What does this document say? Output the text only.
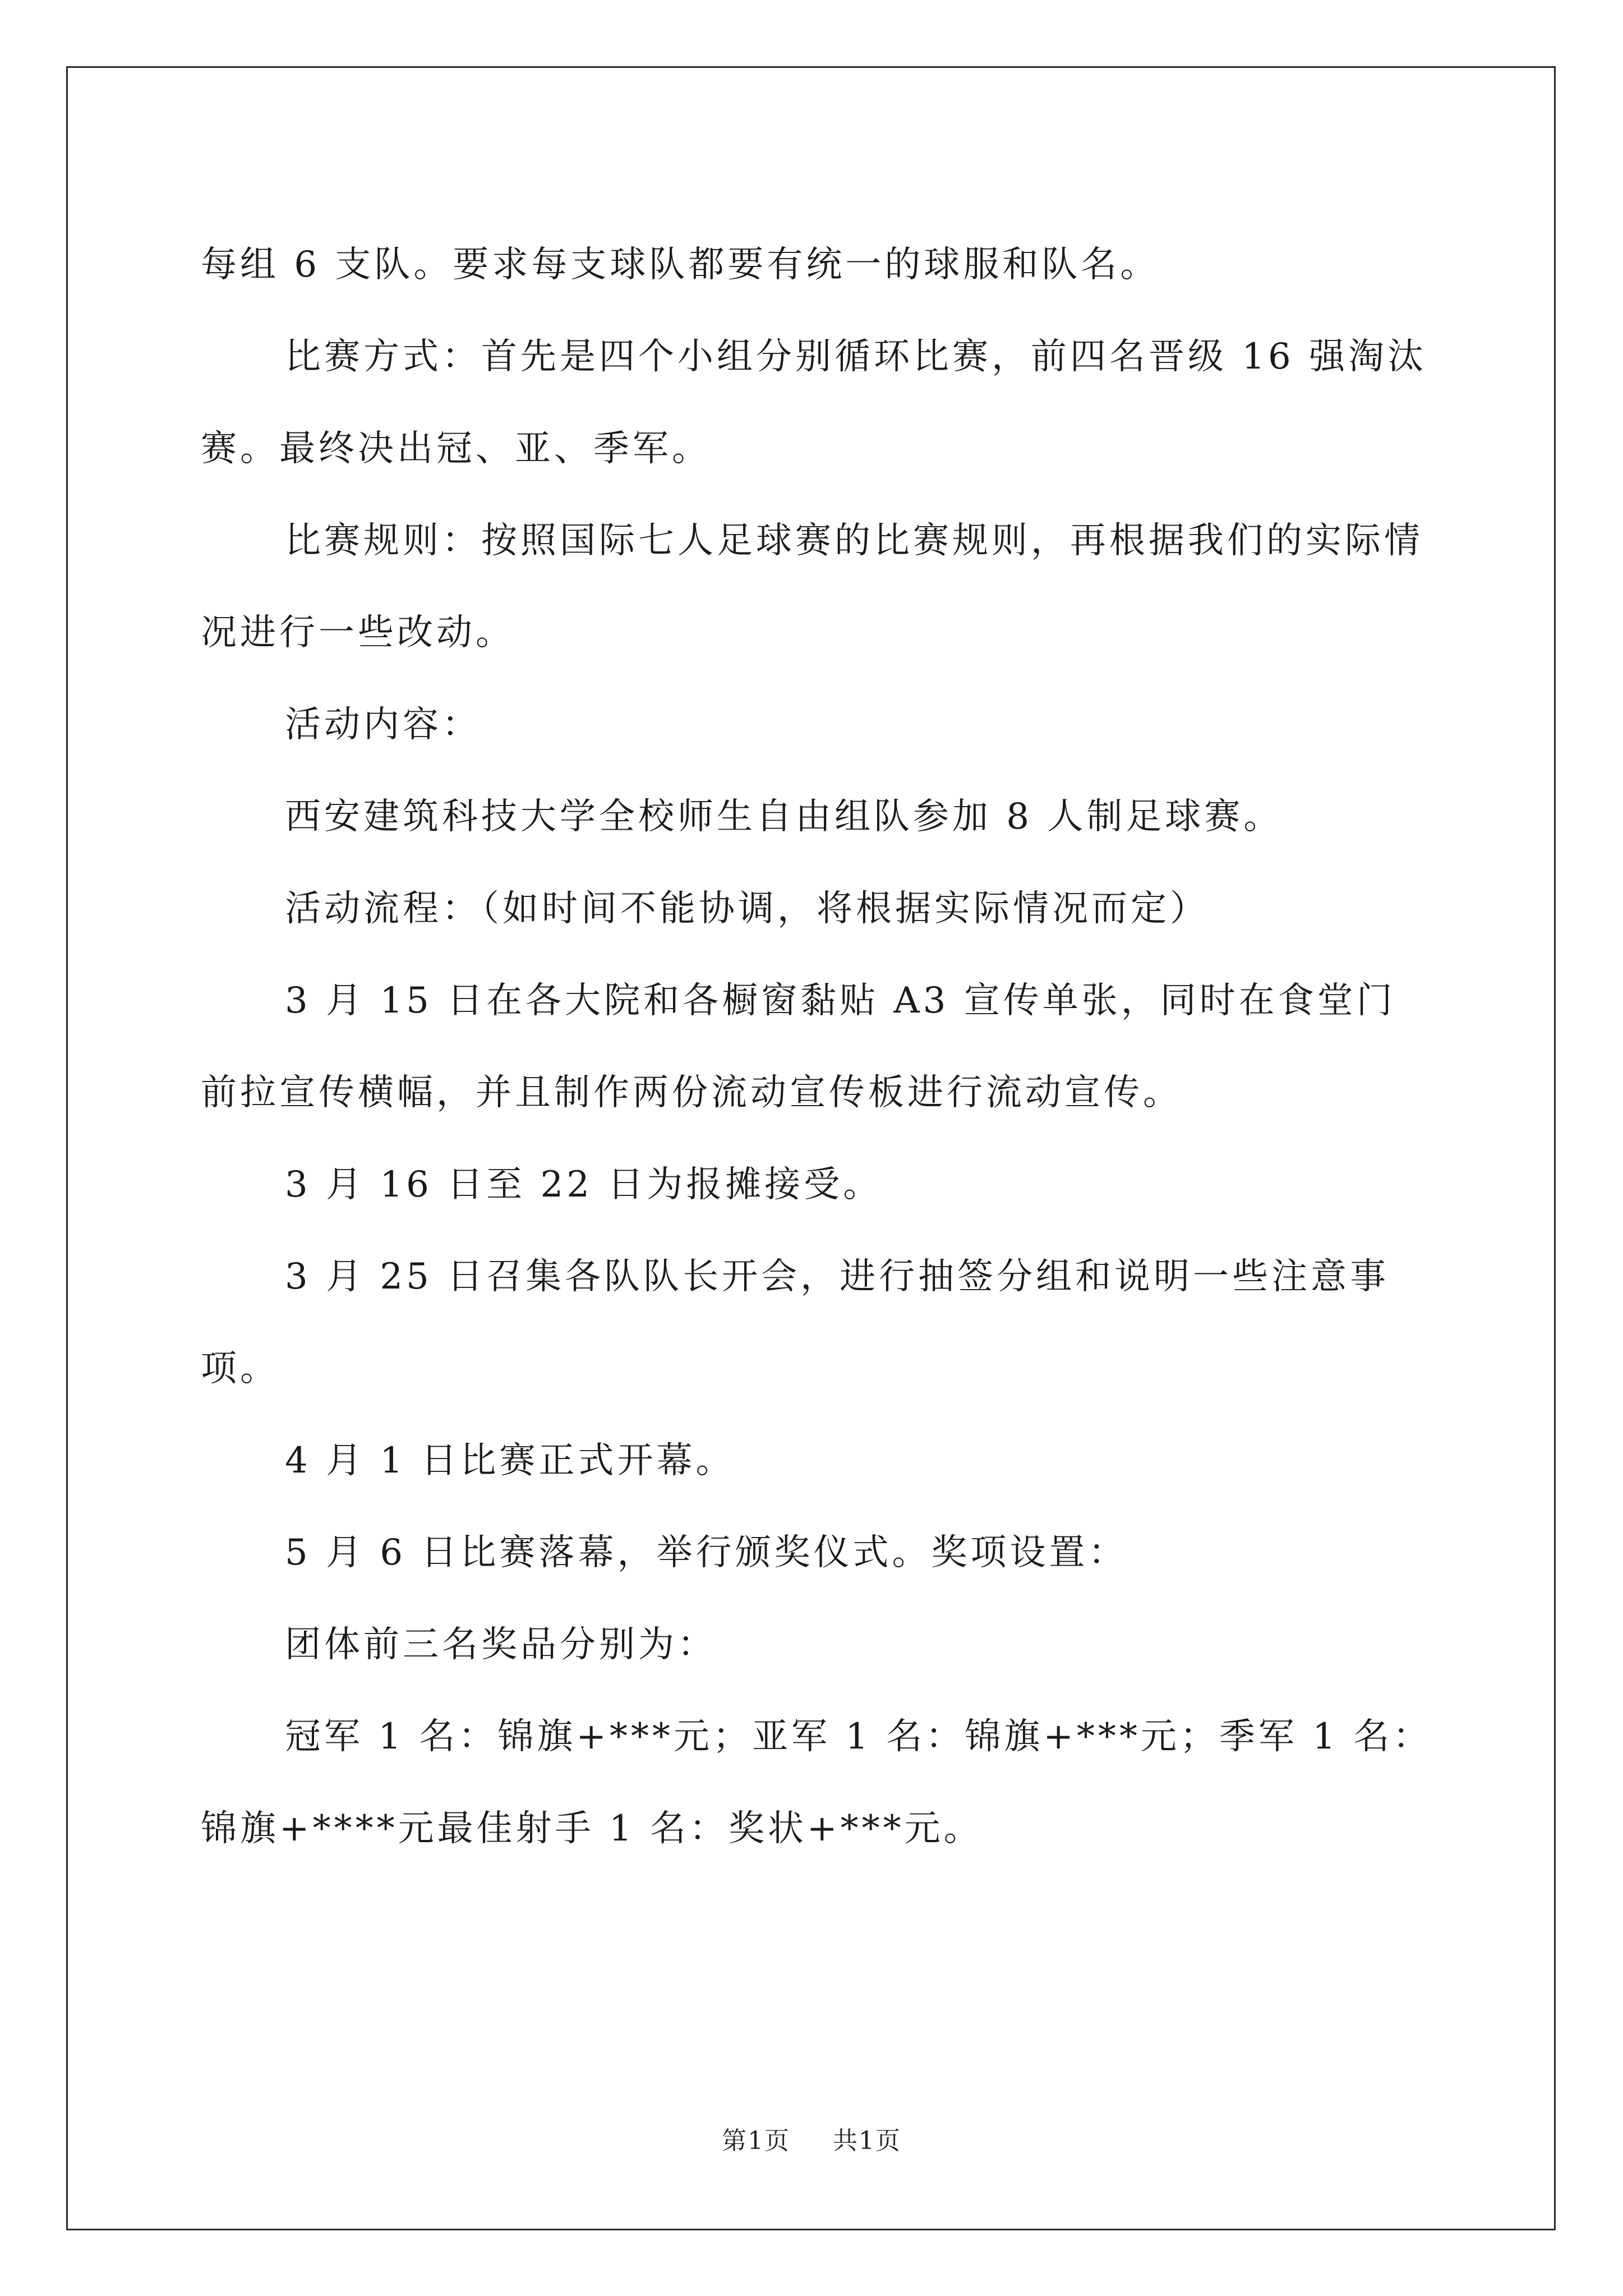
每组 6 支队。要求每支球队都要有统一的球服和队名。

比赛方式：首先是四个小组分别循环比赛，前四名晋级 16 强淘汰赛。最终决出冠、亚、季军。

比赛规则：按照国际七人足球赛的比赛规则，再根据我们的实际情况进行一些改动。

活动内容：

西安建筑科技大学全校师生自由组队参加 8 人制足球赛。

活动流程：（如时间不能协调，将根据实际情况而定）

3 月 15 日在各大院和各橱窗黏贴 A3 宣传单张，同时在食堂门前拉宣传横幅，并且制作两份流动宣传板进行流动宣传。

3 月 16 日至 22 日为报摊接受。

3 月 25 日召集各队队长开会，进行抽签分组和说明一些注意事项。

4 月 1 日比赛正式开幕。

5 月 6 日比赛落幕，举行颁奖仪式。奖项设置：

团体前三名奖品分别为：

冠军 1 名：锦旗+***元；亚军 1 名：锦旗+***元；季军 1 名：锦旗+****元最佳射手 1 名：奖状+***元。

第1页 共1页
